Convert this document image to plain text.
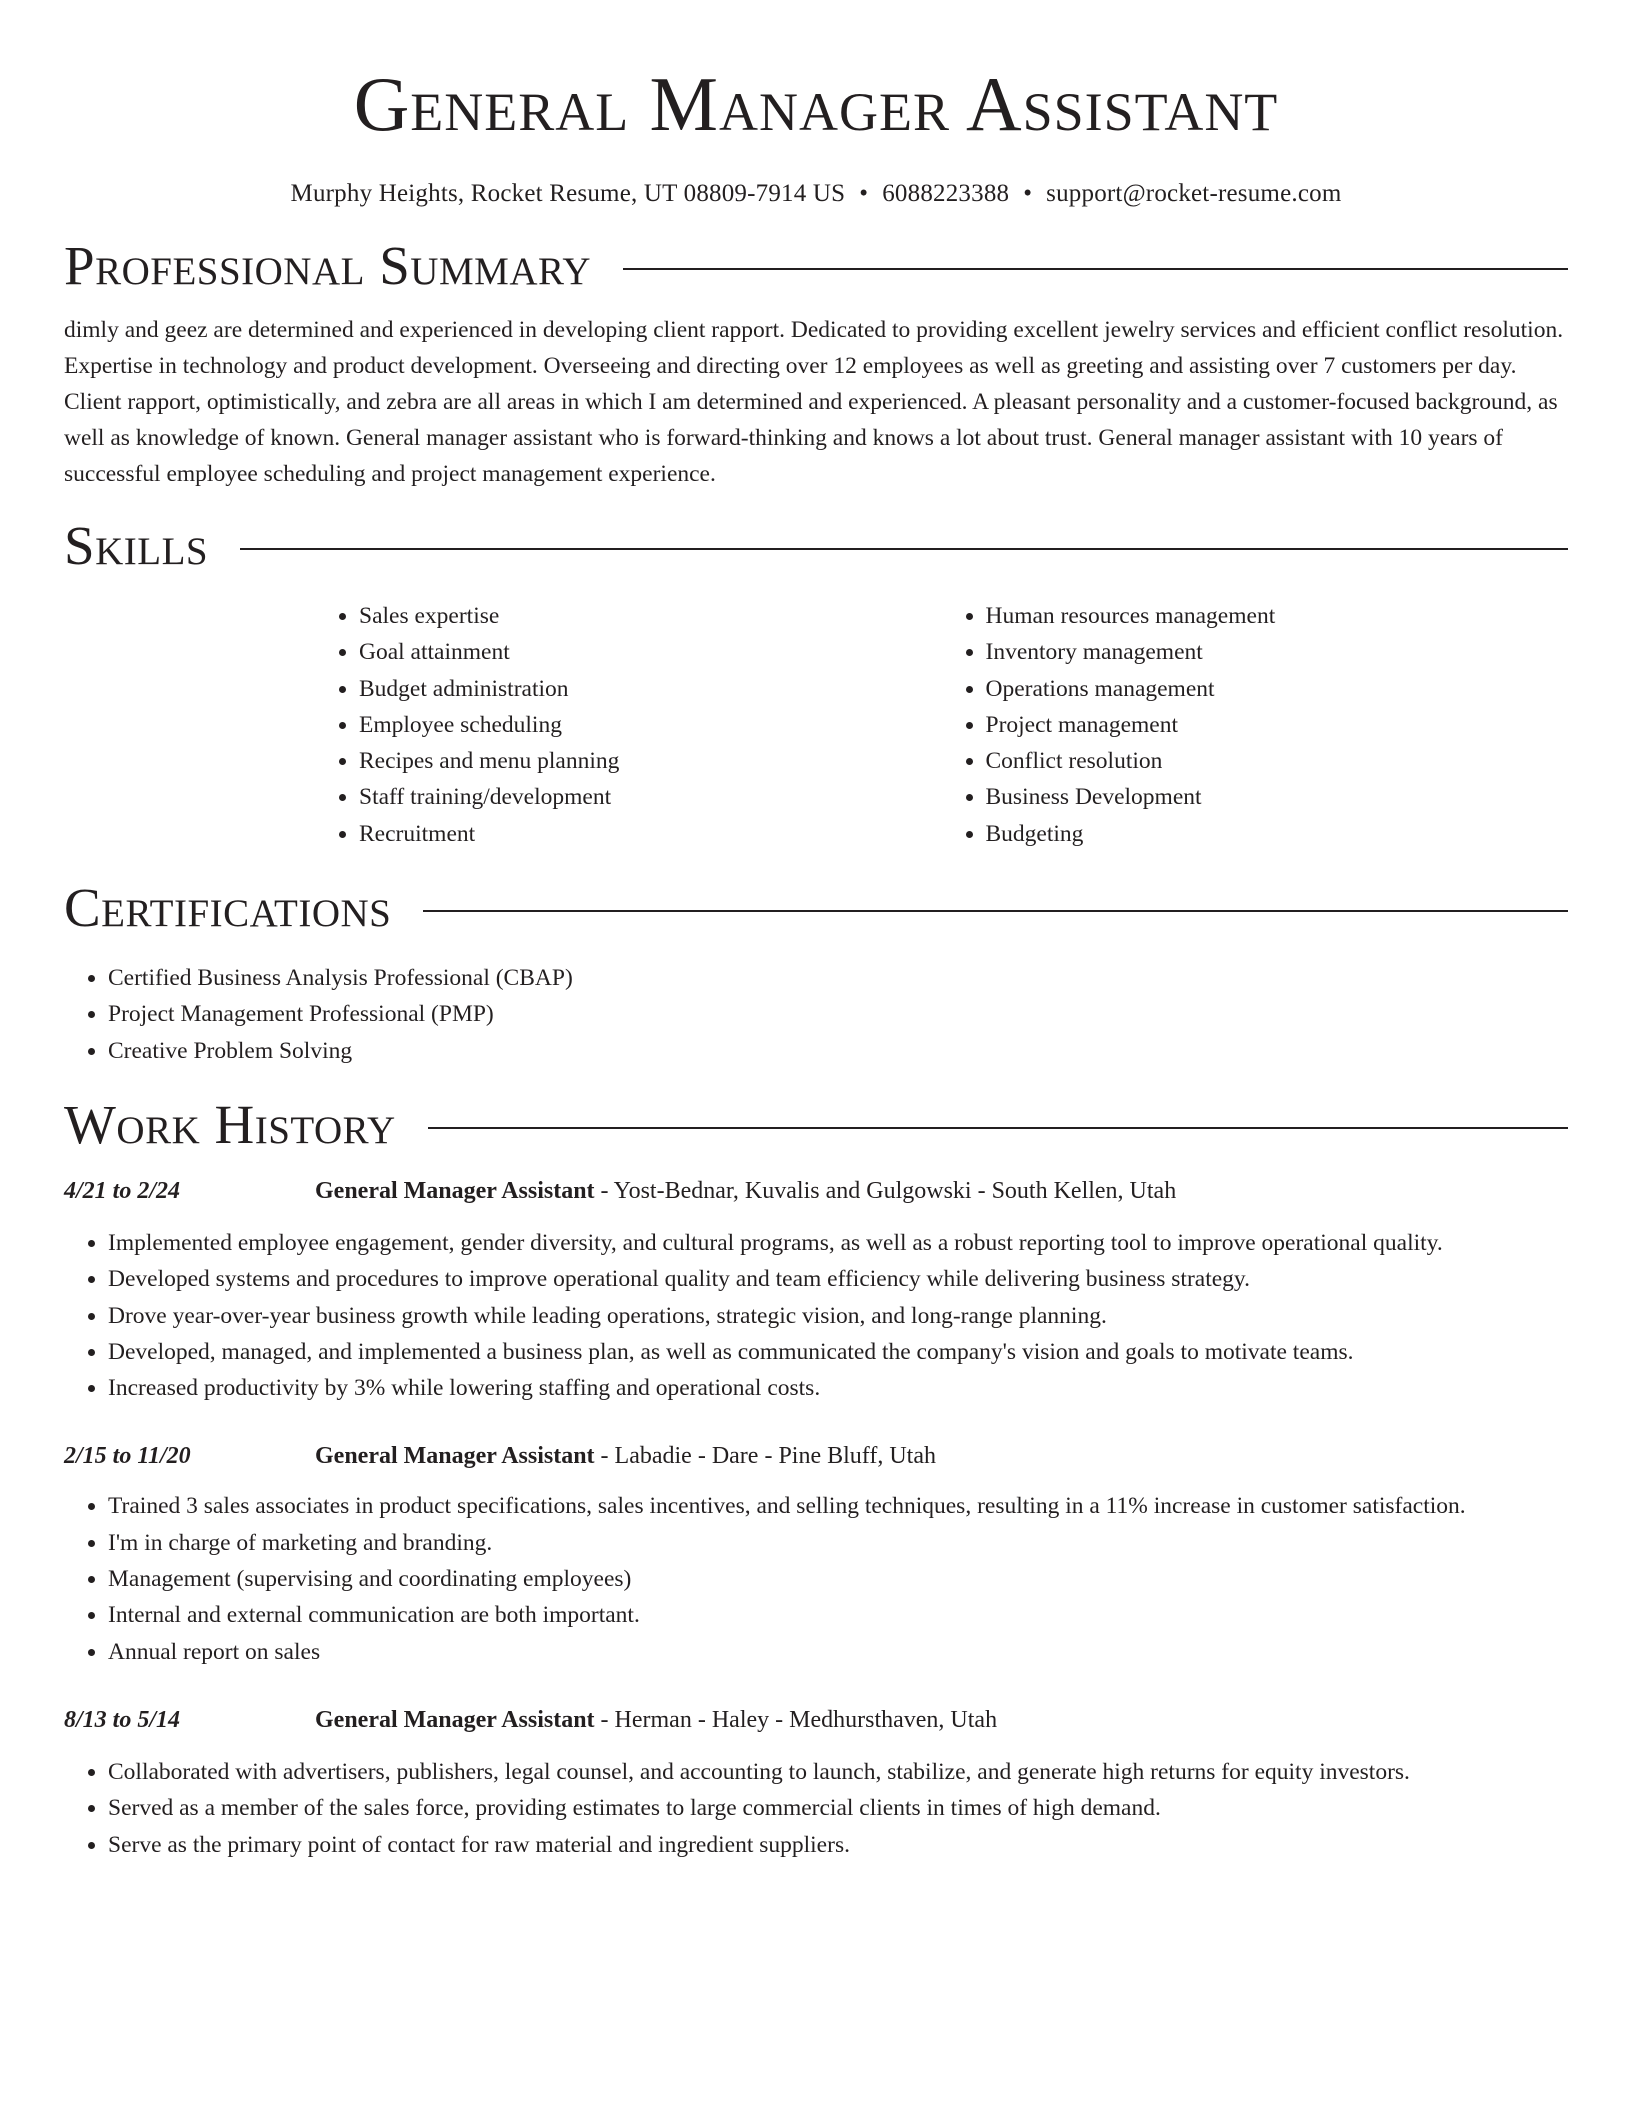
General Manager Assistant
Murphy Heights, Rocket Resume, UT 08809-7914 US • 6088223388 • support@rocket-resume.com
Professional Summary

dimly and geez are determined and experienced in developing client rapport. Dedicated to providing excellent jewelry services and efficient conflict resolution. Expertise in technology and product development. Overseeing and directing over 12 employees as well as greeting and assisting over 7 customers per day. Client rapport, optimistically, and zebra are all areas in which I am determined and experienced. A pleasant personality and a customer-focused background, as well as knowledge of known. General manager assistant who is forward-thinking and knows a lot about trust. General manager assistant with 10 years of successful employee scheduling and project management experience.

Skills
• Sales expertise
• Goal attainment
• Budget administration
• Employee scheduling
• Recipes and menu planning
• Staff training/development
• Recruitment
• Human resources management
• Inventory management
• Operations management
• Project management
• Conflict resolution
• Business Development
• Budgeting
Certifications
• Certified Business Analysis Professional (CBAP)
• Project Management Professional (PMP)
• Creative Problem Solving
Work History
4/21 to 2/24	General Manager Assistant - Yost-Bednar, Kuvalis and Gulgowski - South Kellen, Utah
• Implemented employee engagement, gender diversity, and cultural programs, as well as a robust reporting tool to improve operational quality.
• Developed systems and procedures to improve operational quality and team efficiency while delivering business strategy.
• Drove year-over-year business growth while leading operations, strategic vision, and long-range planning.
• Developed, managed, and implemented a business plan, as well as communicated the company's vision and goals to motivate teams.
• Increased productivity by 3% while lowering staffing and operational costs.
2/15 to 11/20	General Manager Assistant - Labadie - Dare - Pine Bluff, Utah
• Trained 3 sales associates in product specifications, sales incentives, and selling techniques, resulting in a 11% increase in customer satisfaction.
• I'm in charge of marketing and branding.
• Management (supervising and coordinating employees)
• Internal and external communication are both important.
• Annual report on sales
8/13 to 5/14	General Manager Assistant - Herman - Haley - Medhursthaven, Utah
• Collaborated with advertisers, publishers, legal counsel, and accounting to launch, stabilize, and generate high returns for equity investors.
• Served as a member of the sales force, providing estimates to large commercial clients in times of high demand.
• Serve as the primary point of contact for raw material and ingredient suppliers.
